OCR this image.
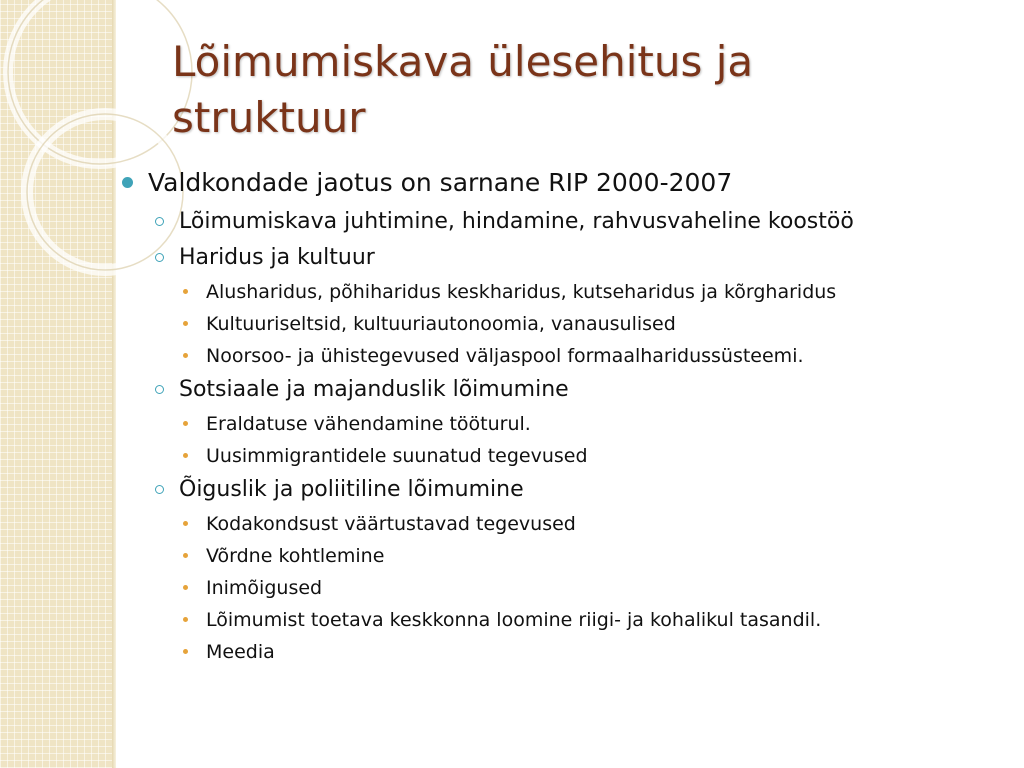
Lõimumiskava ülesehitus ja struktuur
Valdkondade jaotus on sarnane RIP 2000-2007
Lõimumiskava juhtimine, hindamine, rahvusvaheline koostöö
Haridus ja kultuur
Alusharidus, põhiharidus keskharidus, kutseharidus ja kõrgharidus
Kultuuriseltsid, kultuuriautonoomia, vanausulised
Noorsoo- ja ühistegevused väljaspool formaalharidussüsteemi.
Sotsiaale ja majanduslik lõimumine
Eraldatuse vähendamine tööturul.
Uusimmigrantidele suunatud tegevused
Õiguslik ja poliitiline lõimumine
Kodakondsust väärtustavad tegevused
Võrdne kohtlemine
Inimõigused
Lõimumist toetava keskkonna loomine riigi- ja kohalikul tasandil.
Meedia
